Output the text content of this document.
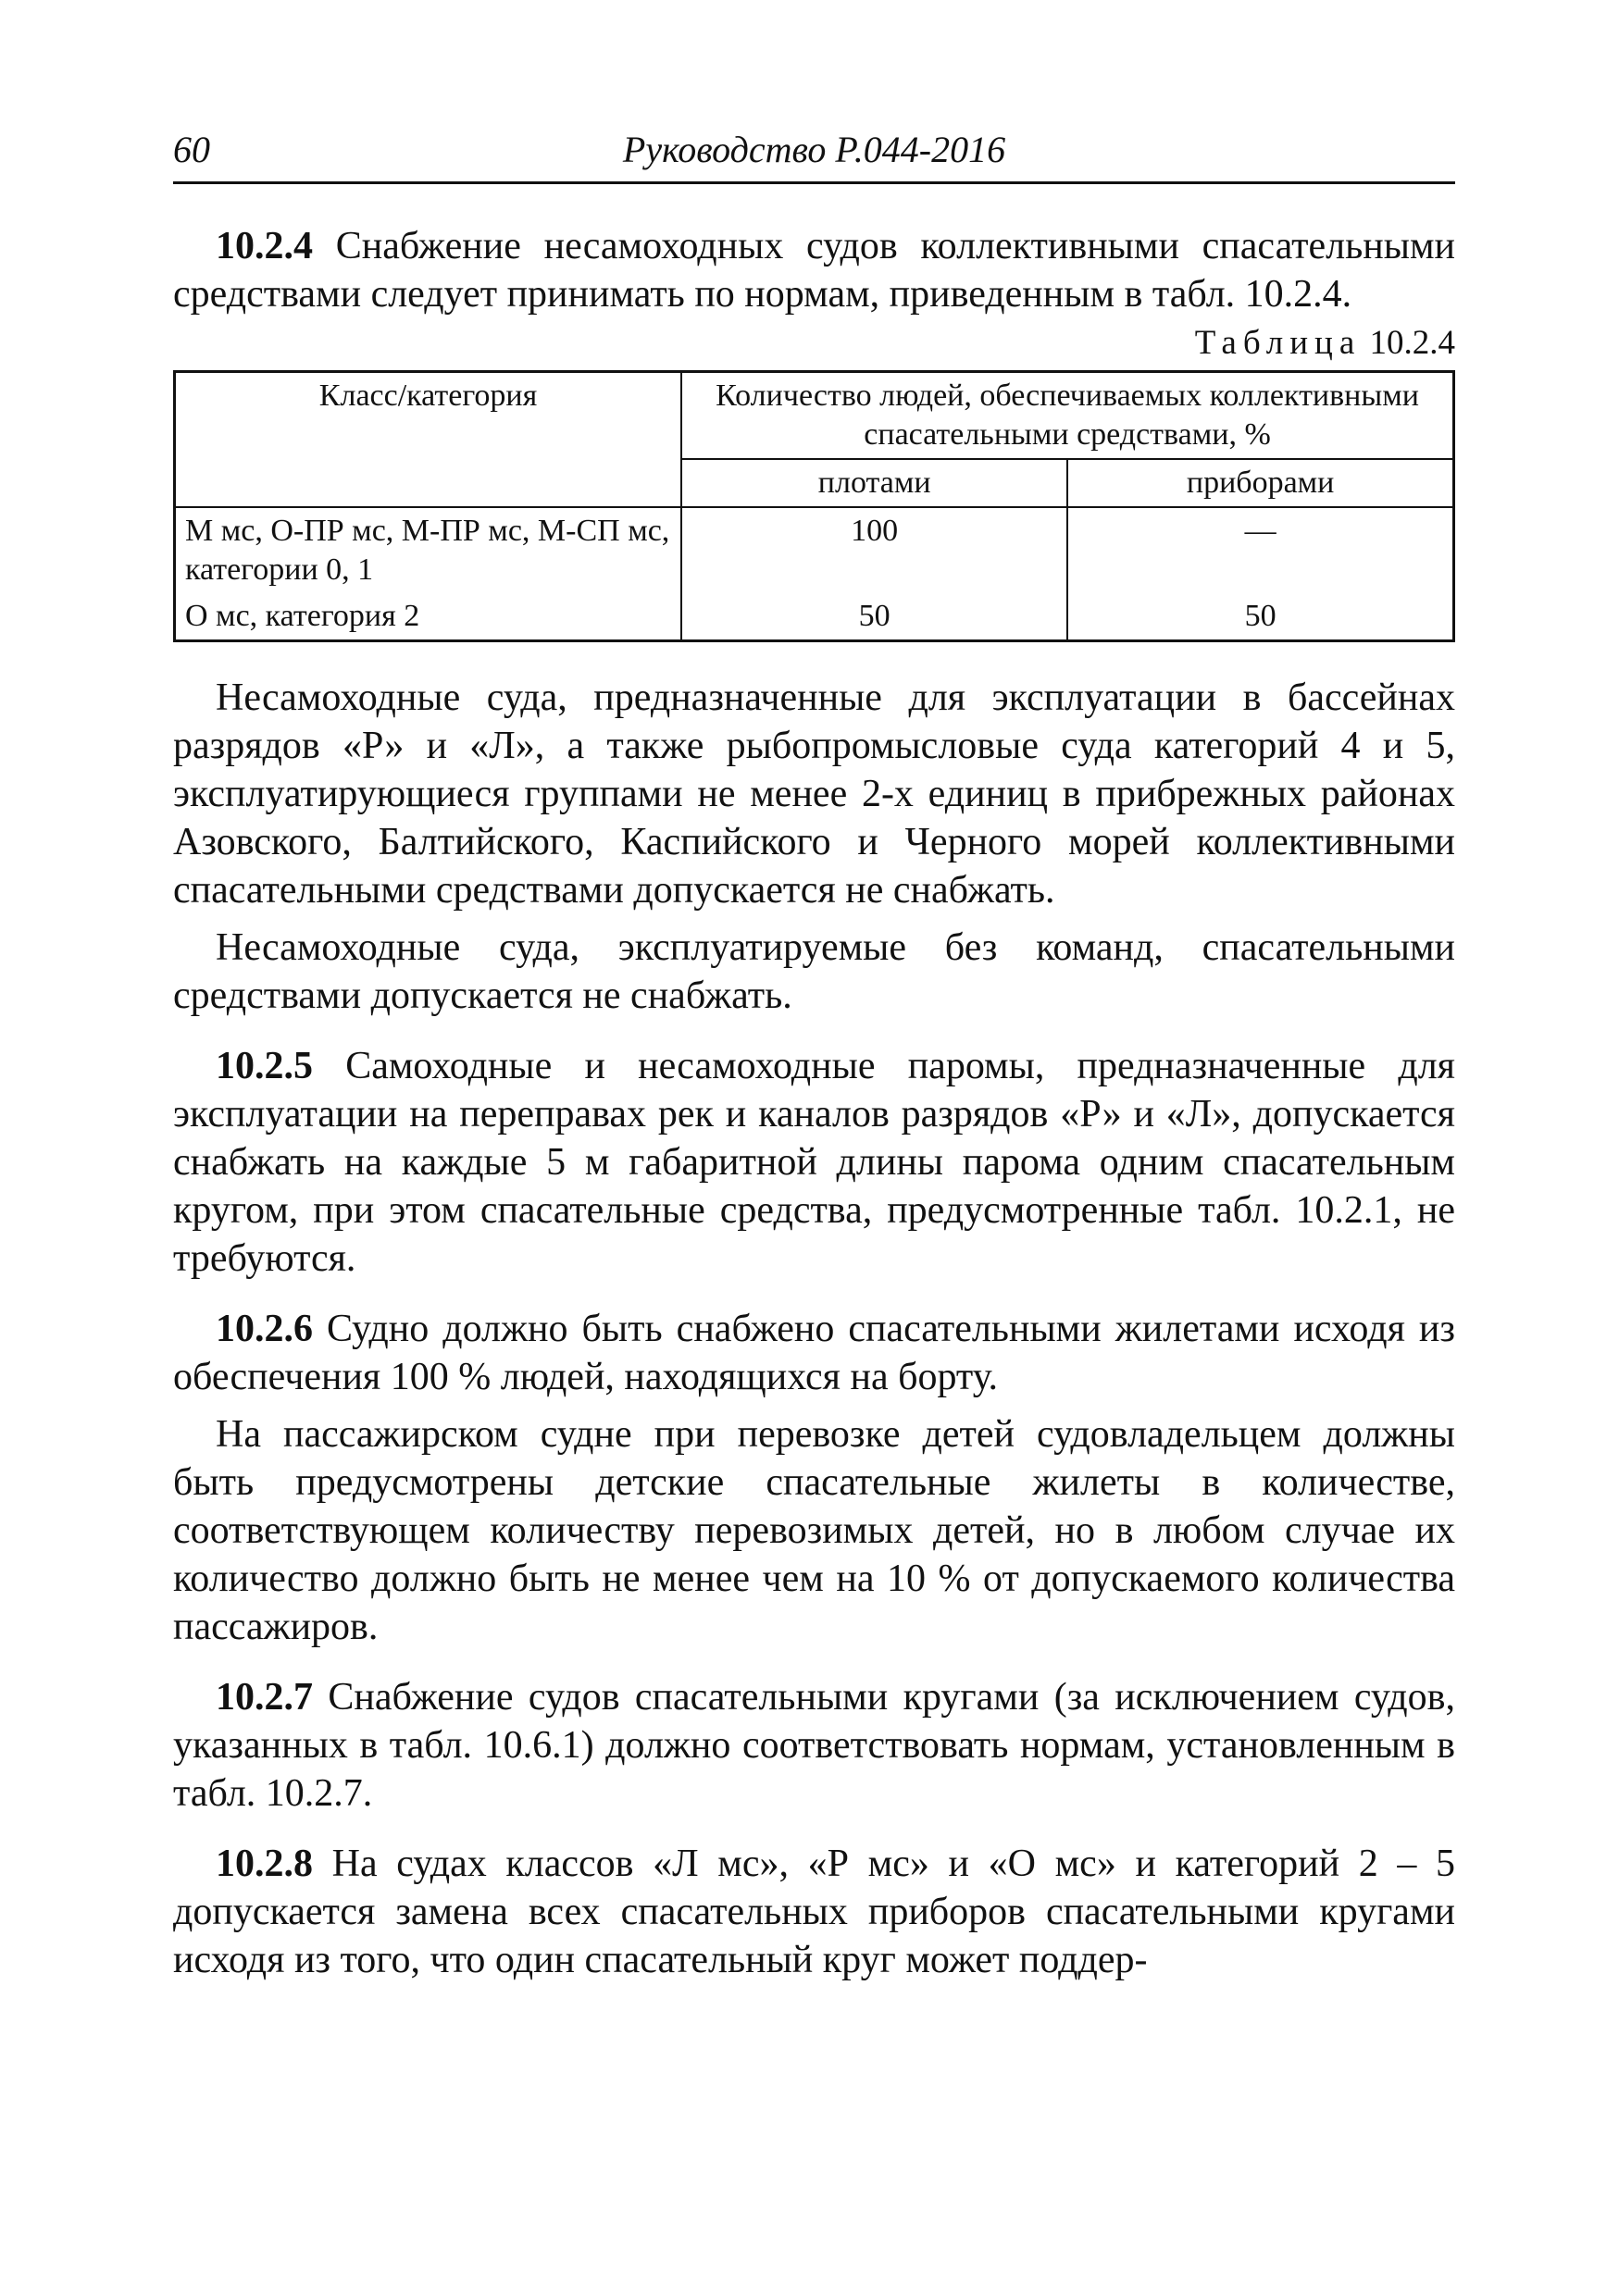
60	Руководство Р.044-2016

10.2.4 Снабжение несамоходных судов коллективными спасательными средствами следует принимать по нормам, приведенным в табл. 10.2.4.

Таблица 10.2.4
Класс/категория	Количество людей, обеспечиваемых коллективными спасательными средствами, %	
	плотами	приборами
М мс, О-ПР мс, М-ПР мс, М-СП мс, категории 0, 1	100	—
О мс, категория 2	50	50

Несамоходные суда, предназначенные для эксплуатации в бассейнах разрядов «Р» и «Л», а также рыбопромысловые суда категорий 4 и 5, эксплуатирующиеся группами не менее 2-х единиц в прибрежных районах Азовского, Балтийского, Каспийского и Черного морей коллективными спасательными средствами допускается не снабжать.

Несамоходные суда, эксплуатируемые без команд, спасательными средствами допускается не снабжать.

10.2.5 Самоходные и несамоходные паромы, предназначенные для эксплуатации на переправах рек и каналов разрядов «Р» и «Л», допускается снабжать на каждые 5 м габаритной длины парома одним спасательным кругом, при этом спасательные средства, предусмотренные табл. 10.2.1, не требуются.

10.2.6 Судно должно быть снабжено спасательными жилетами исходя из обеспечения 100 % людей, находящихся на борту.

На пассажирском судне при перевозке детей судовладельцем должны быть предусмотрены детские спасательные жилеты в количестве, соответствующем количеству перевозимых детей, но в любом случае их количество должно быть не менее чем на 10 % от допускаемого количества пассажиров.

10.2.7 Снабжение судов спасательными кругами (за исключением судов, указанных в табл. 10.6.1) должно соответствовать нормам, установленным в табл. 10.2.7.

10.2.8 На судах классов «Л мс», «Р мс» и «О мс» и категорий 2 – 5 допускается замена всех спасательных приборов спасательными кругами исходя из того, что один спасательный круг может поддер-
